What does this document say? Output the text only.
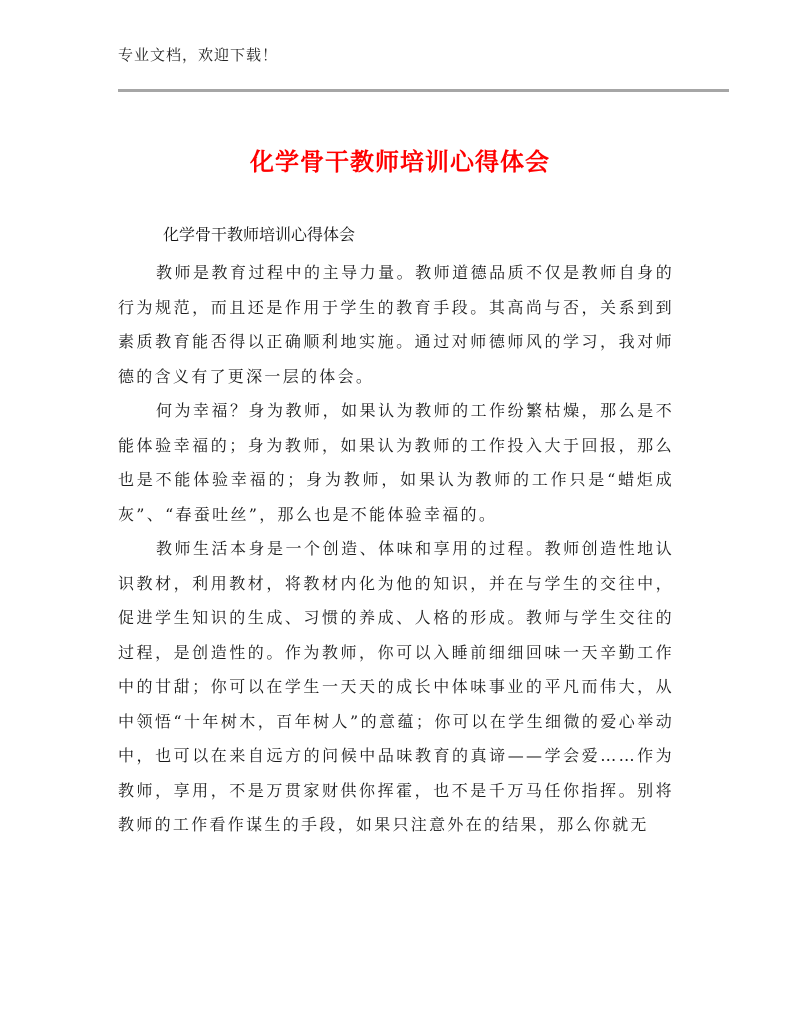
专业文档，欢迎下载！
化学骨干教师培训心得体会
化学骨干教师培训心得体会

教师是教育过程中的主导力量。教师道德品质不仅是教师自身的行为规范，而且还是作用于学生的教育手段。其高尚与否，关系到到素质教育能否得以正确顺利地实施。通过对师德师风的学习，我对师德的含义有了更深一层的体会。

何为幸福？身为教师，如果认为教师的工作纷繁枯燥，那么是不能体验幸福的；身为教师，如果认为教师的工作投入大于回报，那么也是不能体验幸福的；身为教师，如果认为教师的工作只是“蜡炬成灰”、“春蚕吐丝”，那么也是不能体验幸福的。

教师生活本身是一个创造、体味和享用的过程。教师创造性地认识教材，利用教材，将教材内化为他的知识，并在与学生的交往中，促进学生知识的生成、习惯的养成、人格的形成。教师与学生交往的过程，是创造性的。作为教师，你可以入睡前细细回味一天辛勤工作中的甘甜；你可以在学生一天天的成长中体味事业的平凡而伟大，从中领悟“十年树木，百年树人”的意蕴；你可以在学生细微的爱心举动中，也可以在来自远方的问候中品味教育的真谛——学会爱……作为教师，享用，不是万贯家财供你挥霍，也不是千万马任你指挥。别将教师的工作看作谋生的手段，如果只注意外在的结果，那么你就无
